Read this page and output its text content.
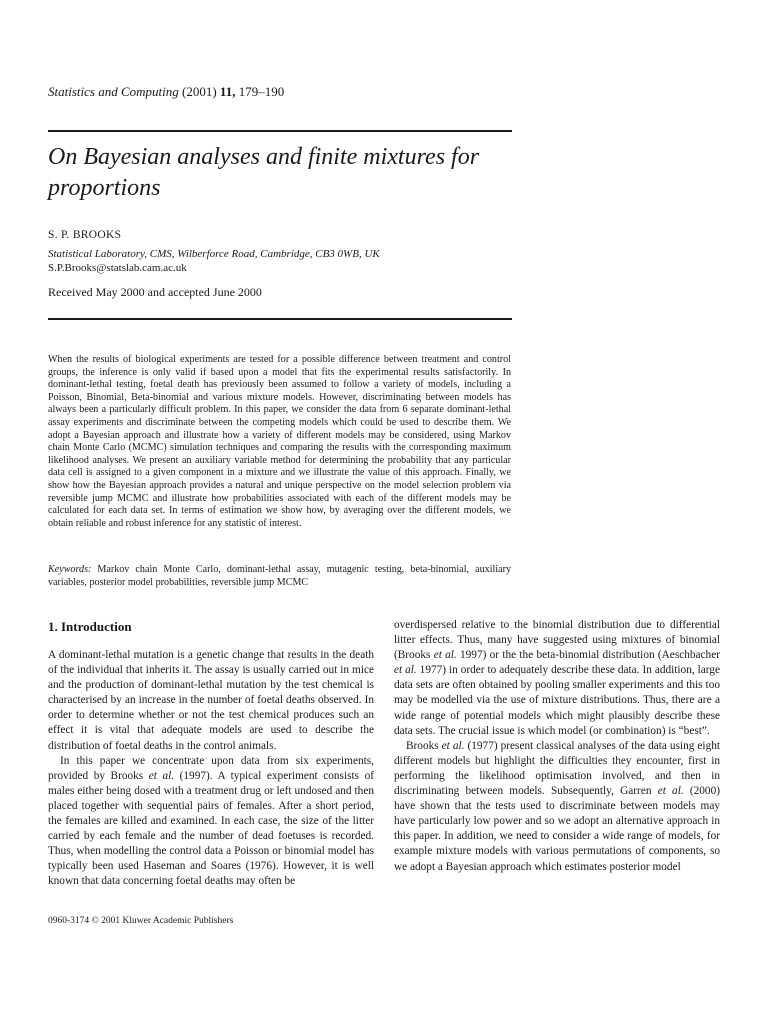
Statistics and Computing (2001) 11, 179–190
On Bayesian analyses and finite mixtures for proportions
S. P. BROOKS
Statistical Laboratory, CMS, Wilberforce Road, Cambridge, CB3 0WB, UK
S.P.Brooks@statslab.cam.ac.uk
Received May 2000 and accepted June 2000

When the results of biological experiments are tested for a possible difference between treatment and control groups, the inference is only valid if based upon a model that fits the experimental results satisfactorily. In dominant-lethal testing, foetal death has previously been assumed to follow a variety of models, including a Poisson, Binomial, Beta-binomial and various mixture models. However, discriminating between models has always been a particularly difficult problem. In this paper, we consider the data from 6 separate dominant-lethal assay experiments and discriminate between the competing models which could be used to describe them. We adopt a Bayesian approach and illustrate how a variety of different models may be considered, using Markov chain Monte Carlo (MCMC) simulation techniques and comparing the results with the corresponding maximum likelihood analyses. We present an auxiliary variable method for determining the probability that any particular data cell is assigned to a given component in a mixture and we illustrate the value of this approach. Finally, we show how the Bayesian approach provides a natural and unique perspective on the model selection problem via reversible jump MCMC and illustrate how probabilities associated with each of the different models may be calculated for each data set. In terms of estimation we show how, by averaging over the different models, we obtain reliable and robust inference for any statistic of interest.

Keywords: Markov chain Monte Carlo, dominant-lethal assay, mutagenic testing, beta-binomial, auxiliary variables, posterior model probabilities, reversible jump MCMC

1. Introduction

A dominant-lethal mutation is a genetic change that results in the death of the individual that inherits it. The assay is usually carried out in mice and the production of dominant-lethal mutation by the test chemical is characterised by an increase in the number of foetal deaths observed. In order to determine whether or not the test chemical produces such an effect it is vital that adequate models are used to describe the distribution of foetal deaths in the control animals.

In this paper we concentrate upon data from six experiments, provided by Brooks et al. (1997). A typical experiment consists of males either being dosed with a treatment drug or left undosed and then placed together with sequential pairs of females. After a short period, the females are killed and examined. In each case, the size of the litter carried by each female and the number of dead foetuses is recorded. Thus, when modelling the control data a Poisson or binomial model has typically been used Haseman and Soares (1976). However, it is well known that data concerning foetal deaths may often be

overdispersed relative to the binomial distribution due to differential litter effects. Thus, many have suggested using mixtures of binomial (Brooks et al. 1997) or the the beta-binomial distribution (Aeschbacher et al. 1977) in order to adequately describe these data. In addition, large data sets are often obtained by pooling smaller experiments and this too may be modelled via the use of mixture distributions. Thus, there are a wide range of potential models which might plausibly describe these data sets. The crucial issue is which model (or combination) is “best”.

Brooks et al. (1977) present classical analyses of the data using eight different models but highlight the difficulties they encounter, first in performing the likelihood optimisation involved, and then in discriminating between models. Subsequently, Garren et al. (2000) have shown that the tests used to discriminate between models may have particularly low power and so we adopt an alternative approach in this paper. In addition, we need to consider a wide range of models, for example mixture models with various permutations of components, so we adopt a Bayesian approach which estimates posterior model

0960-3174 © 2001 Kluwer Academic Publishers
